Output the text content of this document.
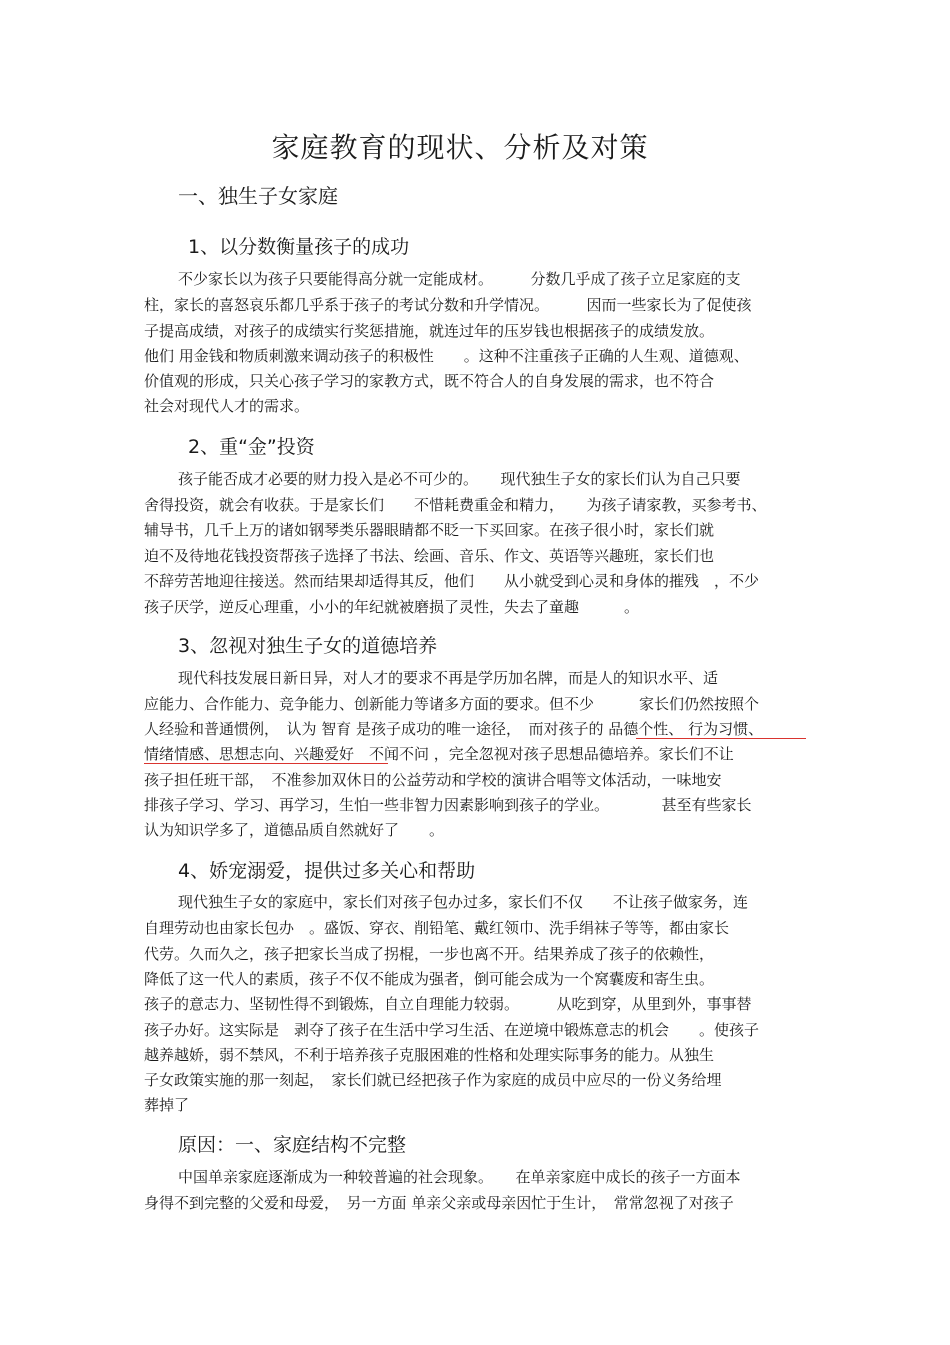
家庭教育的现状、分析及对策
一、独生子女家庭
1、以分数衡量孩子的成功
不少家长以为孩子只要能得高分就一定能成材。　　　分数几乎成了孩子立足家庭的支
柱，家长的喜怒哀乐都几乎系于孩子的考试分数和升学情况。　　　因而一些家长为了促使孩
子提高成绩，对孩子的成绩实行奖惩措施，就连过年的压岁钱也根据孩子的成绩发放。
他们 用金钱和物质刺激来调动孩子的积极性　　。这种不注重孩子正确的人生观、道德观、
价值观的形成，只关心孩子学习的家教方式，既不符合人的自身发展的需求，也不符合
社会对现代人才的需求。
2、重“金”投资
孩子能否成才必要的财力投入是必不可少的。　　现代独生子女的家长们认为自己只要
舍得投资，就会有收获。于是家长们　　不惜耗费重金和精力，　　为孩子请家教，买参考书、
辅导书，几千上万的诸如钢琴类乐器眼睛都不眨一下买回家。在孩子很小时，家长们就
迫不及待地花钱投资帮孩子选择了书法、绘画、音乐、作文、英语等兴趣班，家长们也
不辞劳苦地迎往接送。然而结果却适得其反，他们　　从小就受到心灵和身体的摧残　，不少
孩子厌学，逆反心理重，小小的年纪就被磨损了灵性，失去了童趣　　　。
3、忽视对独生子女的道德培养
现代科技发展日新日异，对人才的要求不再是学历加名牌，而是人的知识水平、适
应能力、合作能力、竞争能力、创新能力等诸多方面的要求。但不少　　　家长们仍然按照个
人经验和普通惯例，　认为 智育 是孩子成功的唯一途径，　而对孩子的 品德个性、 行为习惯、
情绪情感、思想志向、兴趣爱好　不闻不问 ，完全忽视对孩子思想品德培养。家长们不让
孩子担任班干部，　不准参加双休日的公益劳动和学校的演讲合唱等文体活动，一味地安
排孩子学习、学习、再学习，生怕一些非智力因素影响到孩子的学业。　　　　甚至有些家长
认为知识学多了，道德品质自然就好了　　。
4、娇宠溺爱，提供过多关心和帮助
现代独生子女的家庭中，家长们对孩子包办过多，家长们不仅　　不让孩子做家务，连
自理劳动也由家长包办　。盛饭、穿衣、削铅笔、戴红领巾、洗手绢袜子等等，都由家长
代劳。久而久之，孩子把家长当成了拐棍，一步也离不开。结果养成了孩子的依赖性，
降低了这一代人的素质，孩子不仅不能成为强者，倒可能会成为一个窝囊废和寄生虫。
孩子的意志力、坚韧性得不到锻炼，自立自理能力较弱。　　　从吃到穿，从里到外，事事替
孩子办好。这实际是　剥夺了孩子在生活中学习生活、在逆境中锻炼意志的机会　　。使孩子
越养越娇，弱不禁风，不利于培养孩子克服困难的性格和处理实际事务的能力。从独生
子女政策实施的那一刻起，　家长们就已经把孩子作为家庭的成员中应尽的一份义务给埋
葬掉了
原因：一、家庭结构不完整
中国单亲家庭逐渐成为一种较普遍的社会现象。　　在单亲家庭中成长的孩子一方面本
身得不到完整的父爱和母爱，　另一方面 单亲父亲或母亲因忙于生计，　常常忽视了对孩子
